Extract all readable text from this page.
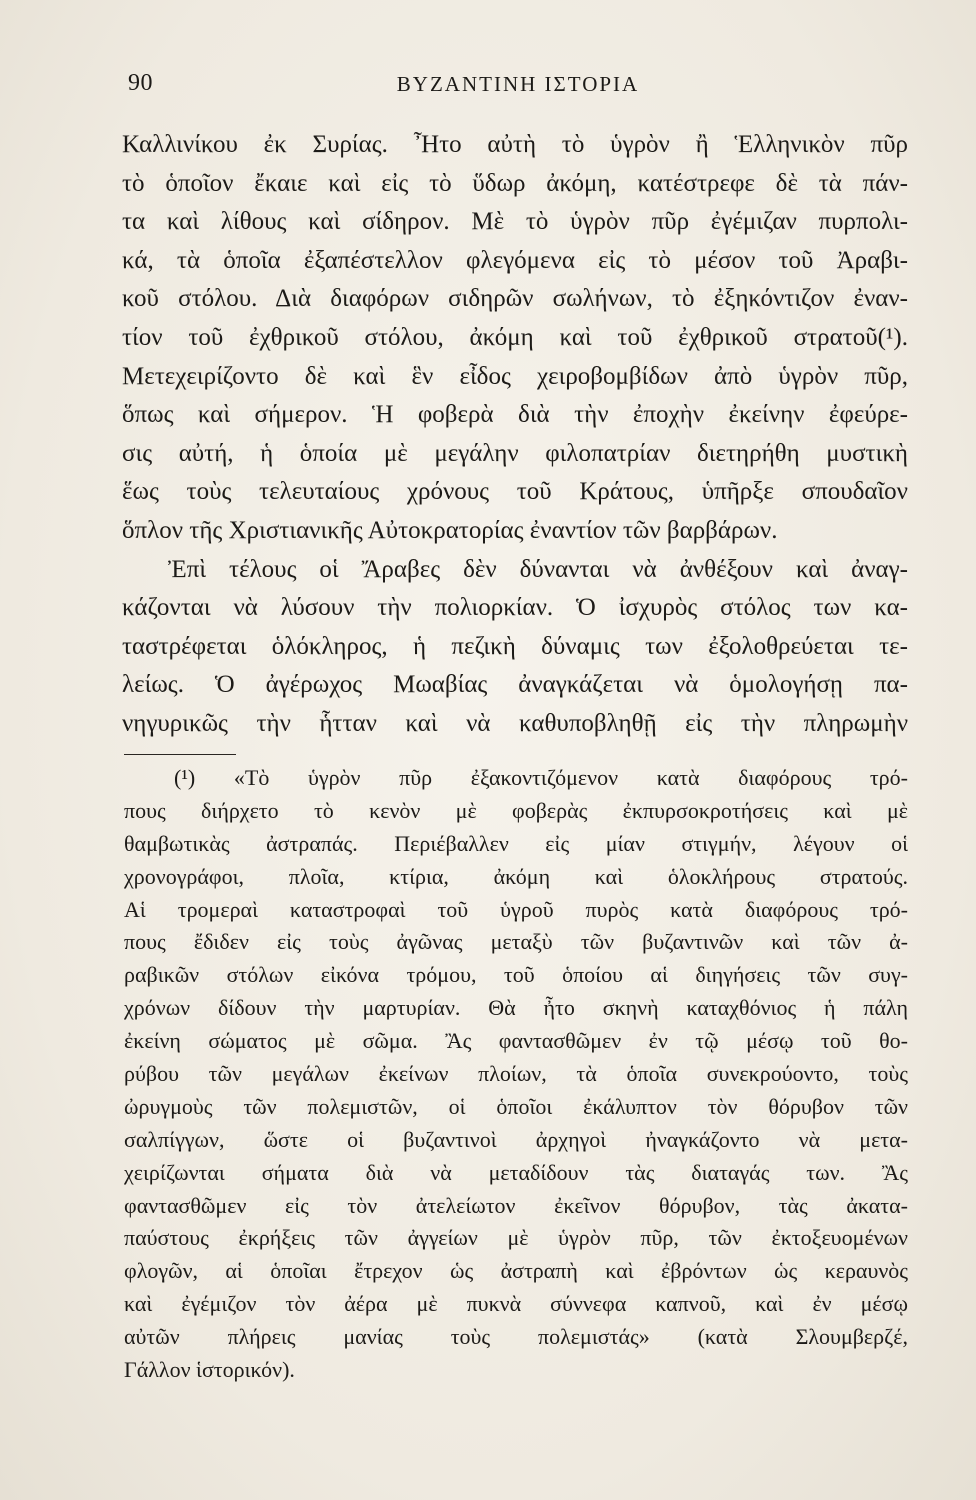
90	ΒΥΖΑΝΤΙΝΗ ΙΣΤΟΡΙΑ
Καλλινίκου ἐκ Συρίας. Ἦτο αὐτὴ τὸ ὑγρὸν ἢ Ἑλληνικὸν πῦρ
τὸ ὁποῖον ἔκαιε καὶ εἰς τὸ ὕδωρ ἀκόμη, κατέστρεφε δὲ τὰ πάν-
τα καὶ λίθους καὶ σίδηρον. Μὲ τὸ ὑγρὸν πῦρ ἐγέμιζαν πυρπολι-
κά, τὰ ὁποῖα ἐξαπέστελλον φλεγόμενα εἰς τὸ μέσον τοῦ Ἀραβι-
κοῦ στόλου. Διὰ διαφόρων σιδηρῶν σωλήνων, τὸ ἐξηκόντιζον ἐναν-
τίον τοῦ ἐχθρικοῦ στόλου, ἀκόμη καὶ τοῦ ἐχθρικοῦ στρατοῦ(¹).
Μετεχειρίζοντο δὲ καὶ ἓν εἶδος χειροβομβίδων ἀπὸ ὑγρὸν πῦρ,
ὅπως καὶ σήμερον. Ἡ φοβερὰ διὰ τὴν ἐποχὴν ἐκείνην ἐφεύρε-
σις αὐτή, ἡ ὁποία μὲ μεγάλην φιλοπατρίαν διετηρήθη μυστικὴ
ἕως τοὺς τελευταίους χρόνους τοῦ Κράτους, ὑπῆρξε σπουδαῖον
ὅπλον τῆς Χριστιανικῆς Αὐτοκρατορίας ἐναντίον τῶν βαρβάρων.
Ἐπὶ τέλους οἱ Ἄραβες δὲν δύνανται νὰ ἀνθέξουν καὶ ἀναγ-
κάζονται νὰ λύσουν τὴν πολιορκίαν. Ὁ ἰσχυρὸς στόλος των κα-
ταστρέφεται ὁλόκληρος, ἡ πεζικὴ δύναμις των ἐξολοθρεύεται τε-
λείως. Ὁ ἀγέρωχος Μωαβίας ἀναγκάζεται νὰ ὁμολογήσῃ πα-
νηγυρικῶς τὴν ἧτταν καὶ νὰ καθυποβληθῇ εἰς τὴν πληρωμὴν
(¹) «Τὸ ὑγρὸν πῦρ ἐξακοντιζόμενον κατὰ διαφόρους τρό-
πους διήρχετο τὸ κενὸν μὲ φοβερὰς ἐκπυρσοκροτήσεις καὶ μὲ
θαμβωτικὰς ἀστραπάς. Περιέβαλλεν εἰς μίαν στιγμήν, λέγουν οἱ
χρονογράφοι, πλοῖα, κτίρια, ἀκόμη καὶ ὁλοκλήρους στρατούς.
Αἱ τρομεραὶ καταστροφαὶ τοῦ ὑγροῦ πυρὸς κατὰ διαφόρους τρό-
πους ἔδιδεν εἰς τοὺς ἀγῶνας μεταξὺ τῶν βυζαντινῶν καὶ τῶν ἀ-
ραβικῶν στόλων εἰκόνα τρόμου, τοῦ ὁποίου αἱ διηγήσεις τῶν συγ-
χρόνων δίδουν τὴν μαρτυρίαν. Θὰ ἦτο σκηνὴ καταχθόνιος ἡ πάλη
ἐκείνη σώματος μὲ σῶμα. Ἂς φαντασθῶμεν ἐν τῷ μέσῳ τοῦ θο-
ρύβου τῶν μεγάλων ἐκείνων πλοίων, τὰ ὁποῖα συνεκρούοντο, τοὺς
ὠρυγμοὺς τῶν πολεμιστῶν, οἱ ὁποῖοι ἐκάλυπτον τὸν θόρυβον τῶν
σαλπίγγων, ὥστε οἱ βυζαντινοὶ ἀρχηγοὶ ἠναγκάζοντο νὰ μετα-
χειρίζωνται σήματα διὰ νὰ μεταδίδουν τὰς διαταγάς των. Ἂς
φαντασθῶμεν εἰς τὸν ἀτελείωτον ἐκεῖνον θόρυβον, τὰς ἀκατα-
παύστους ἐκρήξεις τῶν ἀγγείων μὲ ὑγρὸν πῦρ, τῶν ἐκτοξευομένων
φλογῶν, αἱ ὁποῖαι ἔτρεχον ὡς ἀστραπὴ καὶ ἐβρόντων ὡς κεραυνὸς
καὶ ἐγέμιζον τὸν ἀέρα μὲ πυκνὰ σύννεφα καπνοῦ, καὶ ἐν μέσῳ
αὐτῶν πλήρεις μανίας τοὺς πολεμιστάς» (κατὰ Σλουμβερζέ,
Γάλλον ἱστορικόν).
